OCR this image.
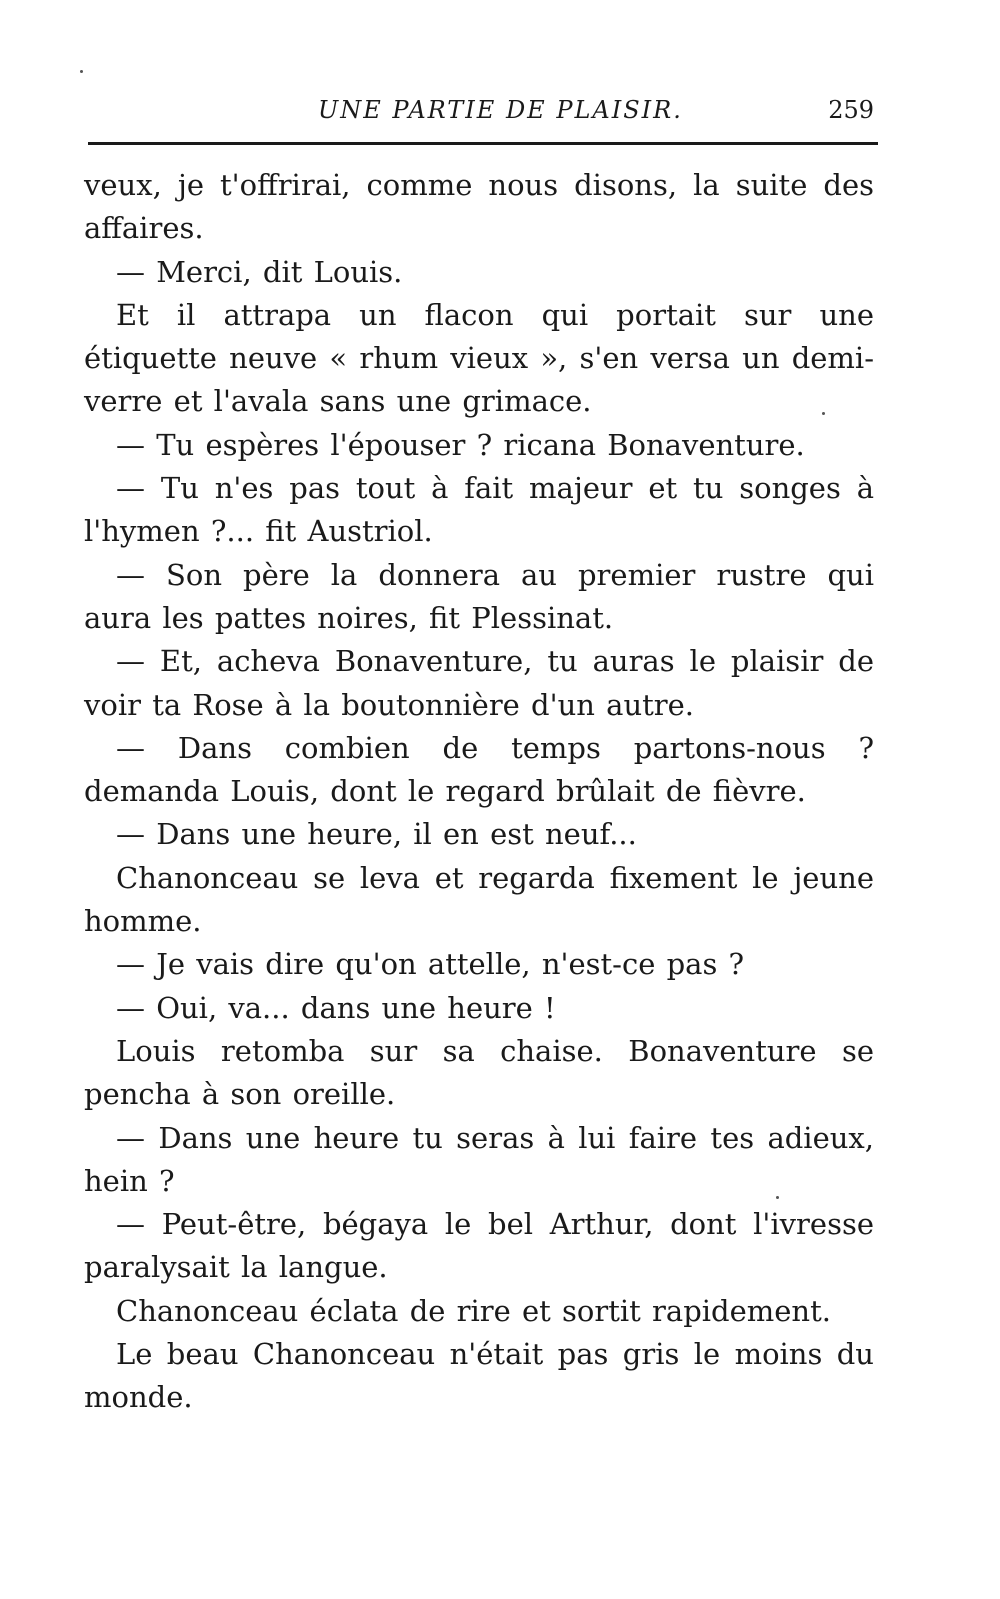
UNE PARTIE DE PLAISIR.	259

veux, je t'offrirai, comme nous disons, la suite des affaires.

— Merci, dit Louis.

Et il attrapa un flacon qui portait sur une étiquette neuve « rhum vieux », s'en versa un demi-verre et l'avala sans une grimace.

— Tu espères l'épouser ? ricana Bonaventure.

— Tu n'es pas tout à fait majeur et tu songes à l'hymen ?... fit Austriol.

— Son père la donnera au premier rustre qui aura les pattes noires, fit Plessinat.

— Et, acheva Bonaventure, tu auras le plaisir de voir ta Rose à la boutonnière d'un autre.

— Dans combien de temps partons-nous ? demanda Louis, dont le regard brûlait de fièvre.

— Dans une heure, il en est neuf...

Chanonceau se leva et regarda fixement le jeune homme.

— Je vais dire qu'on attelle, n'est-ce pas ?

— Oui, va... dans une heure !

Louis retomba sur sa chaise. Bonaventure se pencha à son oreille.

— Dans une heure tu seras à lui faire tes adieux, hein ?

— Peut-être, bégaya le bel Arthur, dont l'ivresse paralysait la langue.

Chanonceau éclata de rire et sortit rapidement.

Le beau Chanonceau n'était pas gris le moins du monde.
